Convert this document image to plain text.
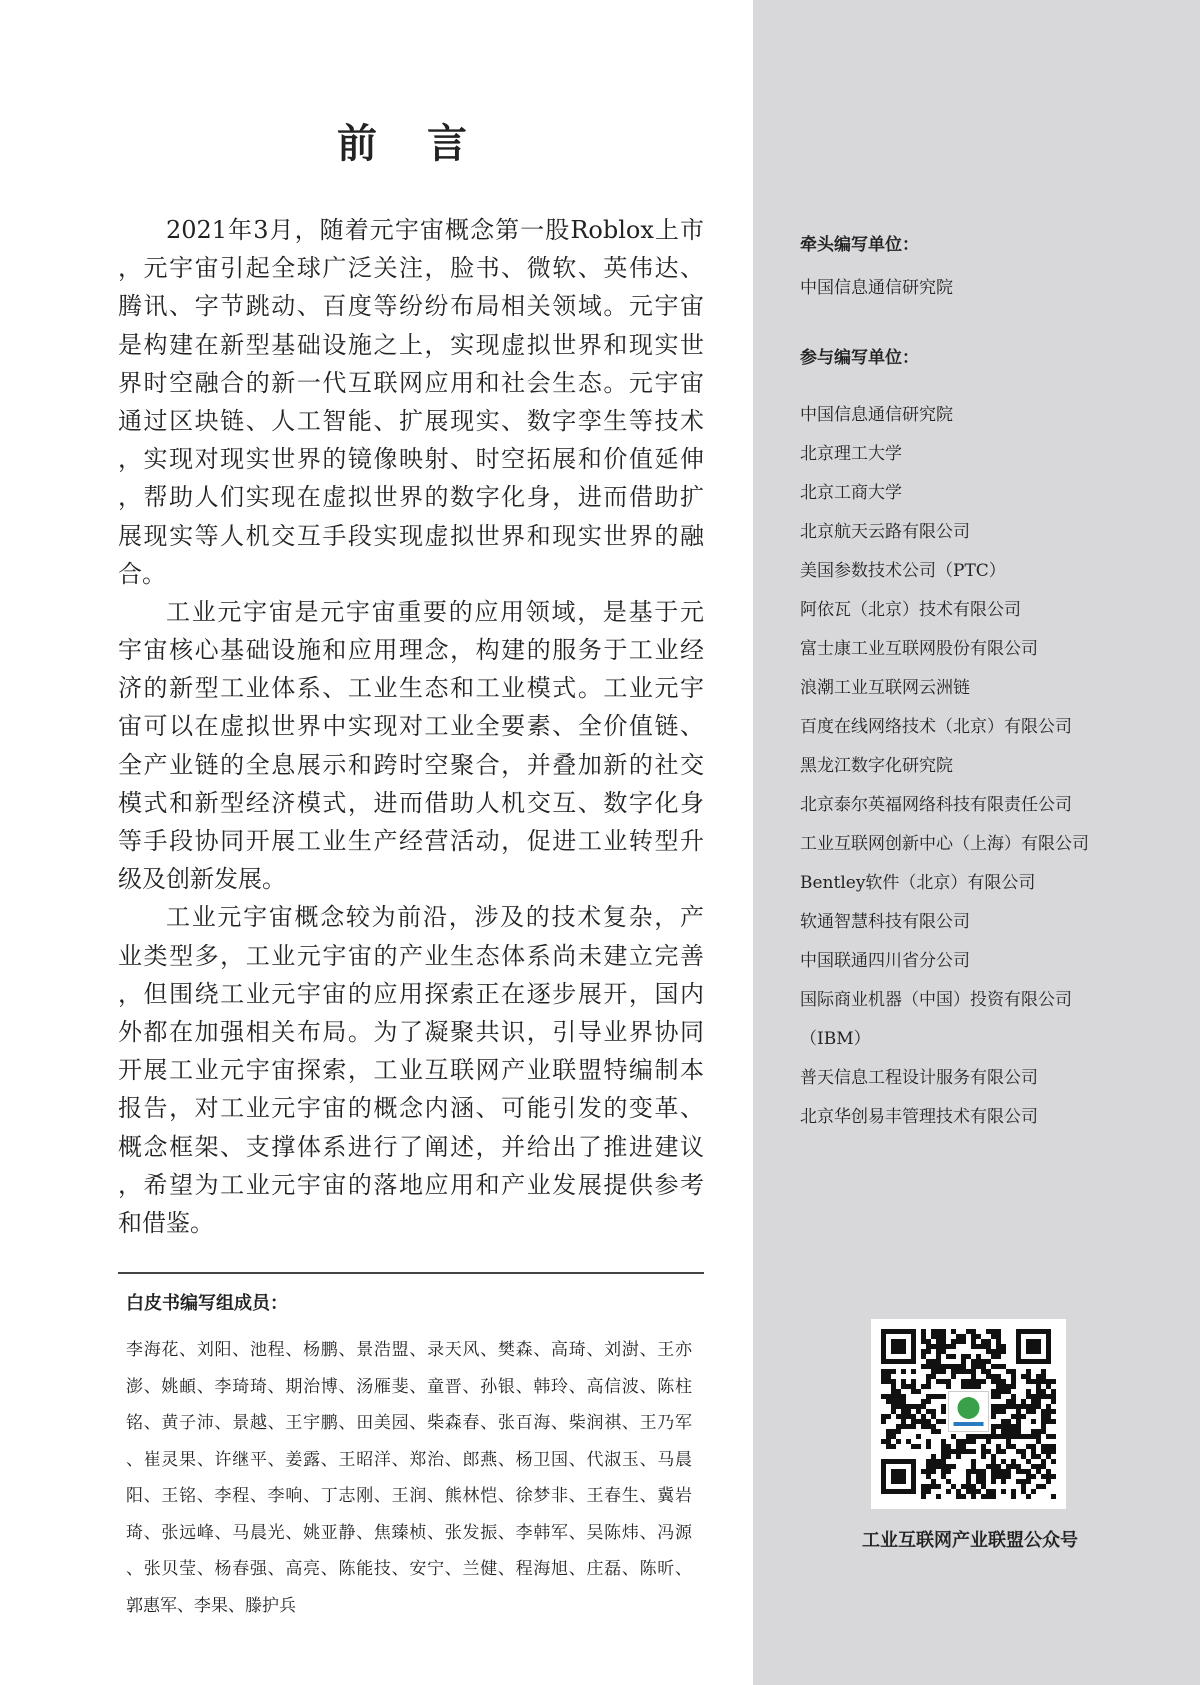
前 言
2021年3月，随着元宇宙概念第一股Roblox上市
，元宇宙引起全球广泛关注，脸书、微软、英伟达、
腾讯、字节跳动、百度等纷纷布局相关领域。元宇宙
是构建在新型基础设施之上，实现虚拟世界和现实世
界时空融合的新一代互联网应用和社会生态。元宇宙
通过区块链、人工智能、扩展现实、数字孪生等技术
，实现对现实世界的镜像映射、时空拓展和价值延伸
，帮助人们实现在虚拟世界的数字化身，进而借助扩
展现实等人机交互手段实现虚拟世界和现实世界的融
合。
工业元宇宙是元宇宙重要的应用领域，是基于元
宇宙核心基础设施和应用理念，构建的服务于工业经
济的新型工业体系、工业生态和工业模式。工业元宇
宙可以在虚拟世界中实现对工业全要素、全价值链、
全产业链的全息展示和跨时空聚合，并叠加新的社交
模式和新型经济模式，进而借助人机交互、数字化身
等手段协同开展工业生产经营活动，促进工业转型升
级及创新发展。
工业元宇宙概念较为前沿，涉及的技术复杂，产
业类型多，工业元宇宙的产业生态体系尚未建立完善
，但围绕工业元宇宙的应用探索正在逐步展开，国内
外都在加强相关布局。为了凝聚共识，引导业界协同
开展工业元宇宙探索，工业互联网产业联盟特编制本
报告，对工业元宇宙的概念内涵、可能引发的变革、
概念框架、支撑体系进行了阐述，并给出了推进建议
，希望为工业元宇宙的落地应用和产业发展提供参考
和借鉴。
白皮书编写组成员：
李海花、刘阳、池程、杨鹏、景浩盟、录天风、樊森、高琦、刘澍、王亦
澎、姚頔、李琦琦、期治博、汤雁斐、童晋、孙银、韩玲、高信波、陈柱
铭、黄子沛、景越、王宇鹏、田美园、柴森春、张百海、柴润祺、王乃军
、崔灵果、许继平、姜露、王昭洋、郑治、郎燕、杨卫国、代淑玉、马晨
阳、王铭、李程、李响、丁志刚、王润、熊林恺、徐梦非、王春生、冀岩
琦、张远峰、马晨光、姚亚静、焦臻桢、张发振、李韩军、吴陈炜、冯源
、张贝莹、杨春强、高亮、陈能技、安宁、兰健、程海旭、庄磊、陈昕、
郭惠军、李果、滕护兵
牵头编写单位：
中国信息通信研究院
参与编写单位：
中国信息通信研究院
北京理工大学
北京工商大学
北京航天云路有限公司
美国参数技术公司（PTC）
阿依瓦（北京）技术有限公司
富士康工业互联网股份有限公司
浪潮工业互联网云洲链
百度在线网络技术（北京）有限公司
黑龙江数字化研究院
北京泰尔英福网络科技有限责任公司
工业互联网创新中心（上海）有限公司
Bentley软件（北京）有限公司
软通智慧科技有限公司
中国联通四川省分公司
国际商业机器（中国）投资有限公司
（IBM）
普天信息工程设计服务有限公司
北京华创易丰管理技术有限公司
工业互联网产业联盟公众号
